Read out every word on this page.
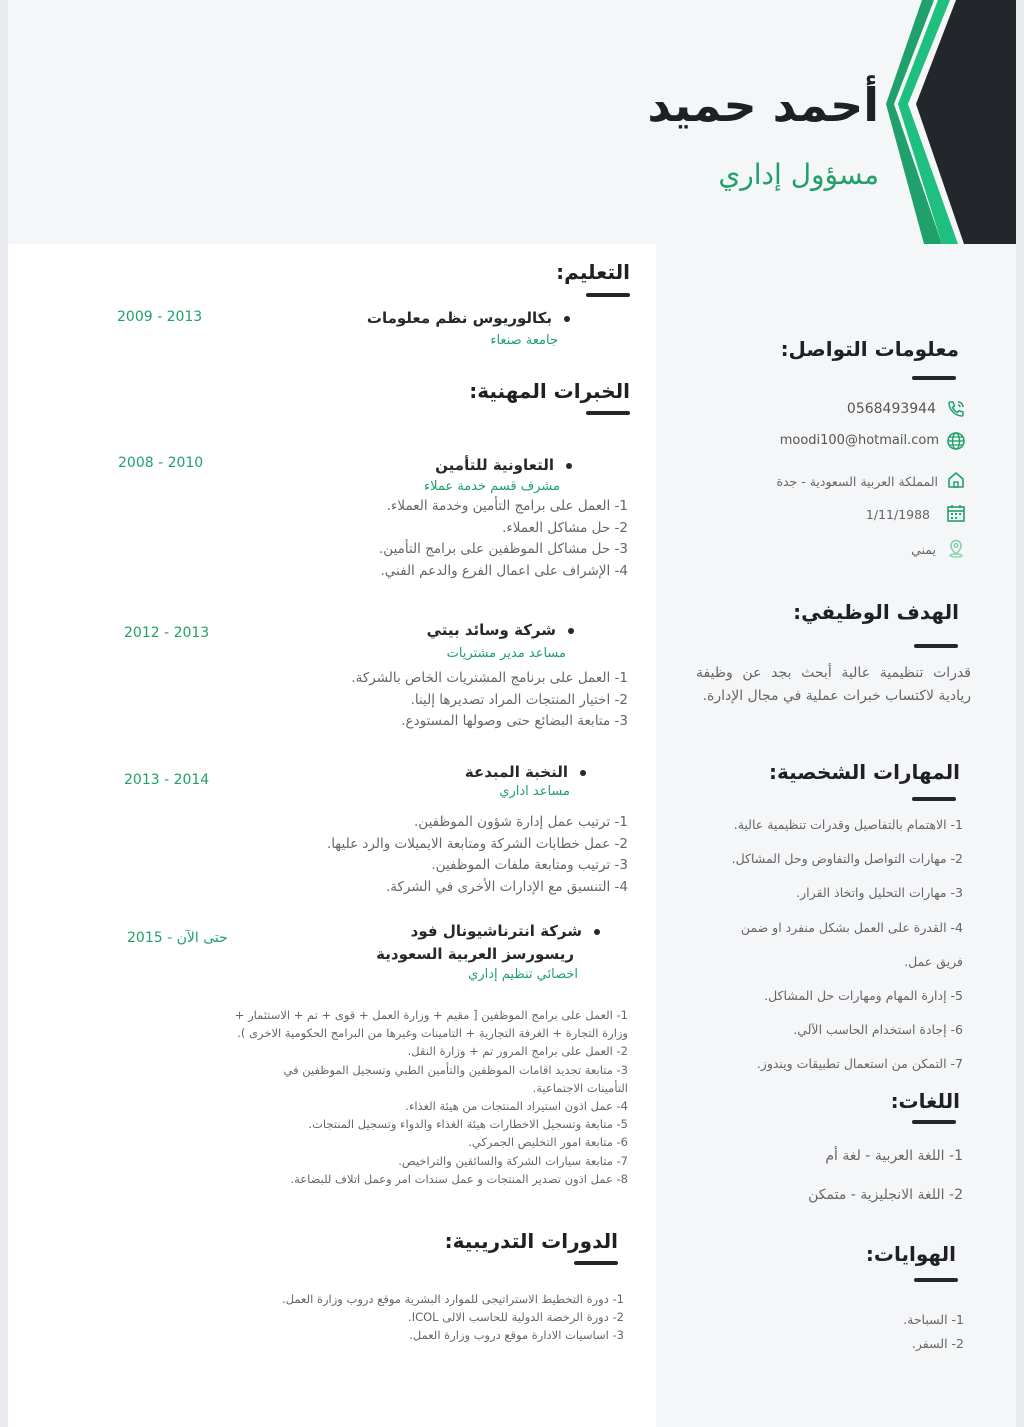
أحمد حميد
مسؤول إداري
التعليم:
بكالوريوس نظم معلومات
جامعة صنعاء
2009 - 2013
الخبرات المهنية:
التعاونية للتأمين
مشرف قسم خدمة عملاء
2008 - 2010
1- العمل على برامج التأمين وخدمة العملاء.
2- حل مشاكل العملاء.
3- حل مشاكل الموظفين على برامج التأمين.
4- الإشراف على اعمال الفرع والدعم الفني.
شركة وسائد بيتي
مساعد مدير مشتريات
2012 - 2013
1- العمل على برنامج المشتريات الخاص بالشركة.
2- اختيار المنتجات المراد تصديرها إلينا.
3- متابعة البضائع حتى وصولها المستودع.
النخبة المبدعة
مساعد اداري
2013 - 2014
1- ترتيب عمل إدارة شؤون الموظفين.
2- عمل خطابات الشركة ومتابعة الايميلات والرد عليها.
3- ترتيب ومتابعة ملفات الموظفين.
4- التنسيق مع الإدارات الأخرى في الشركة.
شركة انترناشيونال فود
ريسورسز العربية السعودية
اخصائي تنظيم إداري
حتى الآن - 2015
1- العمل على برامج الموظفين [ مقيم + وزارة العمل + قوى + تم + الاستثمار +
وزارة التجارة + الغرفة التجارية + التامينات وغيرها من البرامج الحكومية الاخرى ).
2- العمل على برامج المرور تم + وزارة النقل.
3- متابعة تجديد اقامات الموظفين والتأمين الطبي وتسجيل الموظفين في
التأمينات الاجتماعية.
4- عمل اذون استيراد المنتجات من هيئة الغذاء.
5- متابعة وتسجيل الاخطارات هيئة الغذاء والدواء وتسجيل المنتجات.
6- متابعة امور التخليص الجمركي.
7- متابعة سيارات الشركة والسائقين والتراخيص.
8- عمل اذون تصدير المنتجات و عمل سندات امر وعمل اتلاف للبضاعة.
الدورات التدريبية:
1- دورة التخطيط الاستراتيجى للموارد البشرية موقع دروب وزارة العمل.
2- دورة الرخصة الدولية للحاسب الالى ICOL.
3- اساسيات الادارة موقع دروب وزارة العمل.
معلومات التواصل:
0568493944
moodi100@hotmail.com
المملكة العربية السعودية - جدة
1/11/1988
يمني
الهدف الوظيفي:
قدرات تنظيمية عالية أبحث بجد عن وظيفة ريادية لاكتساب خبرات عملية في مجال الإدارة.
المهارات الشخصية:
1- الاهتمام بالتفاصيل وقدرات تنظيمية عالية.
2- مهارات التواصل والتفاوض وحل المشاكل.
3- مهارات التحليل واتخاذ القرار.
4- القدرة على العمل بشكل منفرد او ضمن
فريق عمل.
5- إدارة المهام ومهارات حل المشاكل.
6- إجادة استخدام الحاسب الآلي.
7- التمكن من استعمال تطبيقات ويندوز.
اللغات:
1- اللغة العربية - لغة أم
2- اللغة الانجليزية - متمكن
الهوايات:
1- السباحة.
2- السفر.
